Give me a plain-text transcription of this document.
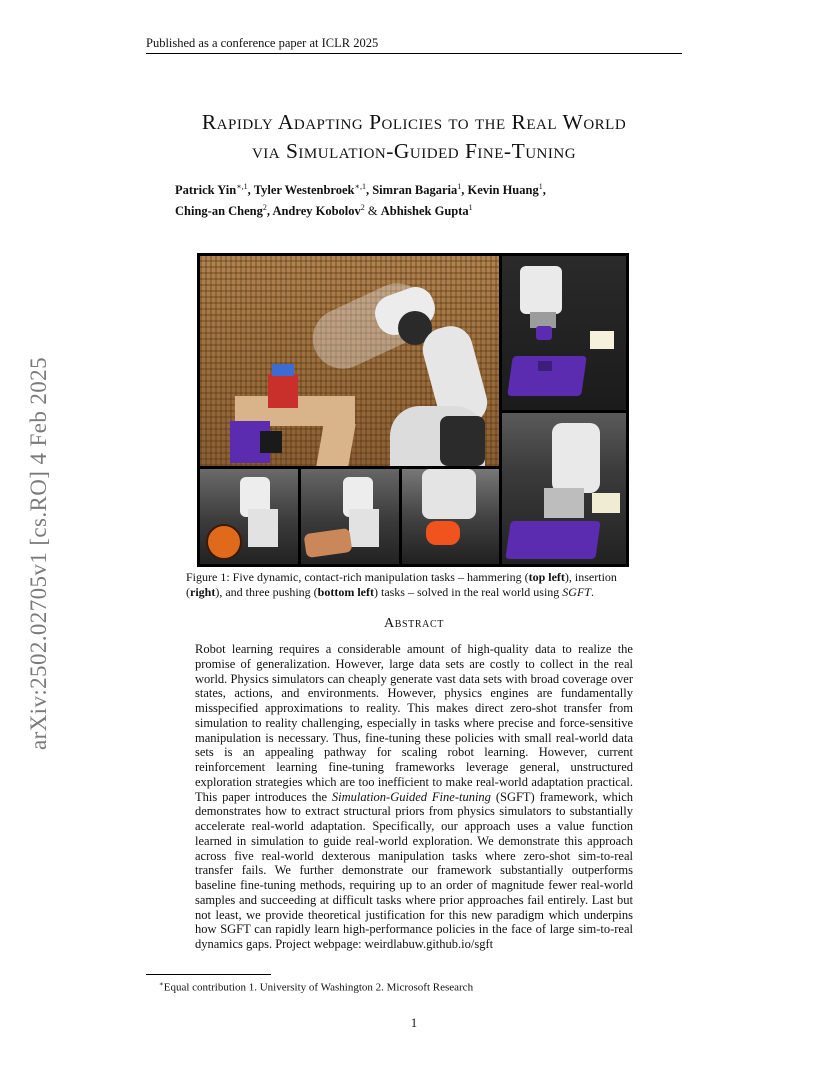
Published as a conference paper at ICLR 2025
arXiv:2502.02705v1 [cs.RO] 4 Feb 2025
Rapidly Adapting Policies to the Real World
via Simulation-Guided Fine-Tuning
Patrick Yin$^{∗,1}$, Tyler Westenbroek$^{∗,1}$, Simran Bagaria$^1$, Kevin Huang$^1$,
Ching-an Cheng$^2$, Andrey Kobolov$^2$ & Abhishek Gupta$^1$
Figure 1: Five dynamic, contact-rich manipulation tasks – hammering (top left), insertion (right), and three pushing (bottom left) tasks – solved in the real world using SGFT.
Abstract
Robot learning requires a considerable amount of high-quality data to realize the promise of generalization. However, large data sets are costly to collect in the real world. Physics simulators can cheaply generate vast data sets with broad coverage over states, actions, and environments. However, physics engines are fundamentally misspecified approximations to reality. This makes direct zero-shot transfer from simulation to reality challenging, especially in tasks where precise and force-sensitive manipulation is necessary. Thus, fine-tuning these policies with small real-world data sets is an appealing pathway for scaling robot learning. However, current reinforcement learning fine-tuning frameworks leverage general, unstructured exploration strategies which are too inefficient to make real-world adaptation practical. This paper introduces the Simulation-Guided Fine-tuning (SGFT) framework, which demonstrates how to extract structural priors from physics simulators to substantially accelerate real-world adaptation. Specifically, our approach uses a value function learned in simulation to guide real-world exploration. We demonstrate this approach across five real-world dexterous manipulation tasks where zero-shot sim-to-real transfer fails. We further demonstrate our framework substantially outperforms baseline fine-tuning methods, requiring up to an order of magnitude fewer real-world samples and succeeding at difficult tasks where prior approaches fail entirely. Last but not least, we provide theoretical justification for this new paradigm which underpins how SGFT can rapidly learn high-performance policies in the face of large sim-to-real dynamics gaps. Project webpage: weirdlabuw.github.io/sgft
∗Equal contribution 1. University of Washington 2. Microsoft Research
1
